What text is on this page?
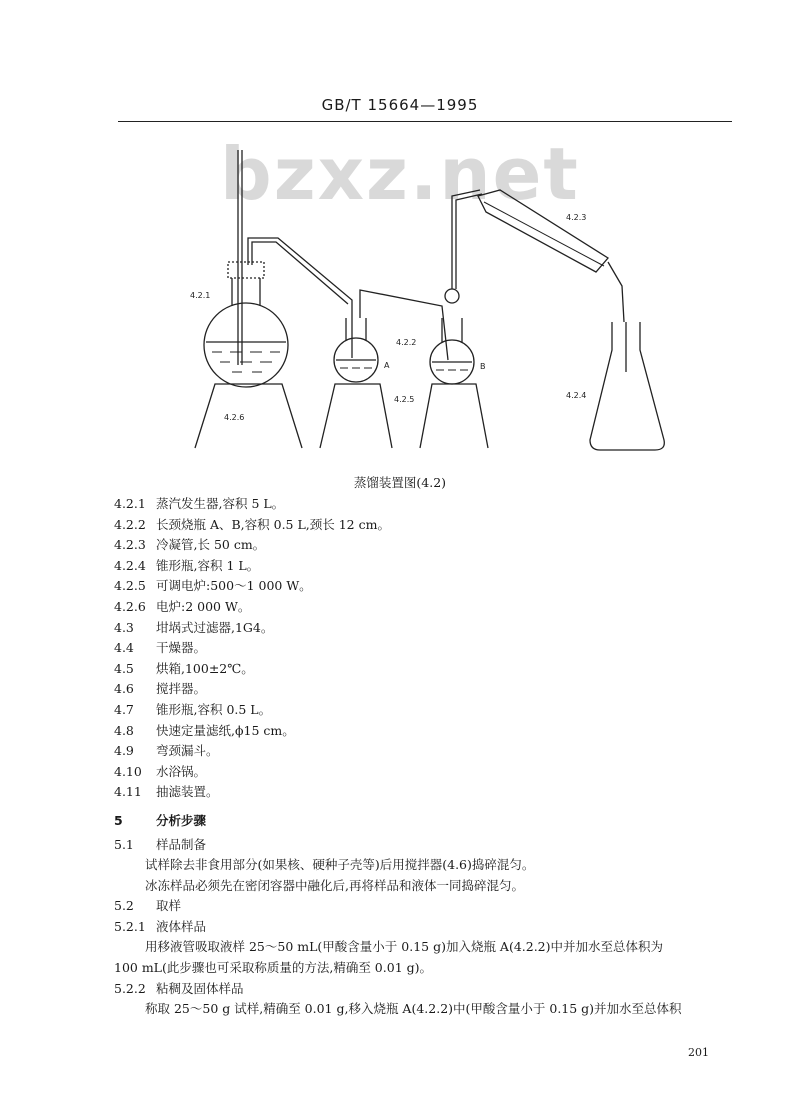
GB/T 15664—1995
bzxz.net
4.2.1
4.2.6
4.2.2
A	B
4.2.5
4.2.3
4.2.4
蒸馏装置图(4.2)
4.2.1 蒸汽发生器,容积 5 L。
4.2.2 长颈烧瓶 A、B,容积 0.5 L,颈长 12 cm。
4.2.3 冷凝管,长 50 cm。
4.2.4 锥形瓶,容积 1 L。
4.2.5 可调电炉:500～1 000 W。
4.2.6 电炉:2 000 W。
4.3 坩埚式过滤器,1G4。
4.4 干燥器。
4.5 烘箱,100±2℃。
4.6 搅拌器。
4.7 锥形瓶,容积 0.5 L。
4.8 快速定量滤纸,ϕ15 cm。
4.9 弯颈漏斗。
4.10 水浴锅。
4.11 抽滤装置。
5	分析步骤
5.1 样品制备
试样除去非食用部分(如果核、硬种子壳等)后用搅拌器(4.6)捣碎混匀。
冰冻样品必须先在密闭容器中融化后,再将样品和液体一同捣碎混匀。
5.2 取样
5.2.1 液体样品
用移液管吸取液样 25～50 mL(甲酸含量小于 0.15 g)加入烧瓶 A(4.2.2)中并加水至总体积为
100 mL(此步骤也可采取称质量的方法,精确至 0.01 g)。
5.2.2 粘稠及固体样品
称取 25～50 g 试样,精确至 0.01 g,移入烧瓶 A(4.2.2)中(甲酸含量小于 0.15 g)并加水至总体积
201
